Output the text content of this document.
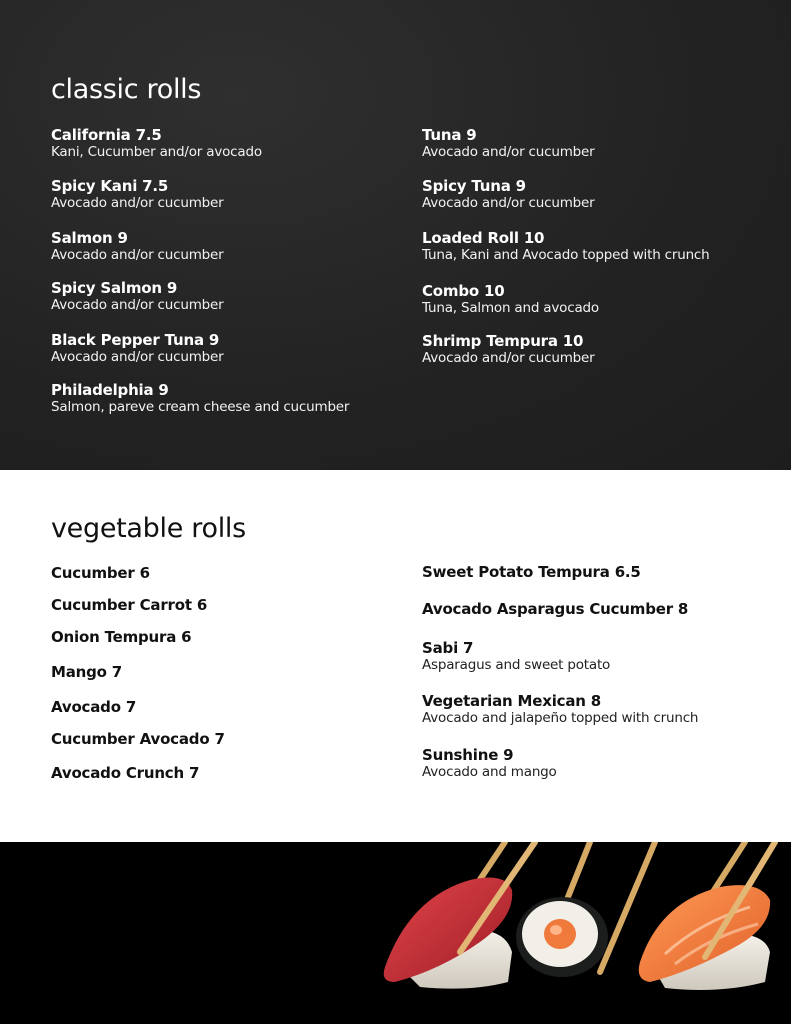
classic rolls
California 7.5
Kani, Cucumber and/or avocado
Spicy Kani 7.5
Avocado and/or cucumber
Salmon 9
Avocado and/or cucumber
Spicy Salmon 9
Avocado and/or cucumber
Black Pepper Tuna 9
Avocado and/or cucumber
Philadelphia 9
Salmon, pareve cream cheese and cucumber
Tuna 9
Avocado and/or cucumber
Spicy Tuna 9
Avocado and/or cucumber
Loaded Roll 10
Tuna, Kani and Avocado topped with crunch
Combo 10
Tuna, Salmon and avocado
Shrimp Tempura 10
Avocado and/or cucumber
vegetable rolls
Cucumber 6
Cucumber Carrot 6
Onion Tempura 6
Mango 7
Avocado 7
Cucumber Avocado 7
Avocado Crunch 7
Sweet Potato Tempura 6.5
Avocado Asparagus Cucumber 8
Sabi 7
Asparagus and sweet potato
Vegetarian Mexican 8
Avocado and jalapeño topped with crunch
Sunshine 9
Avocado and mango
